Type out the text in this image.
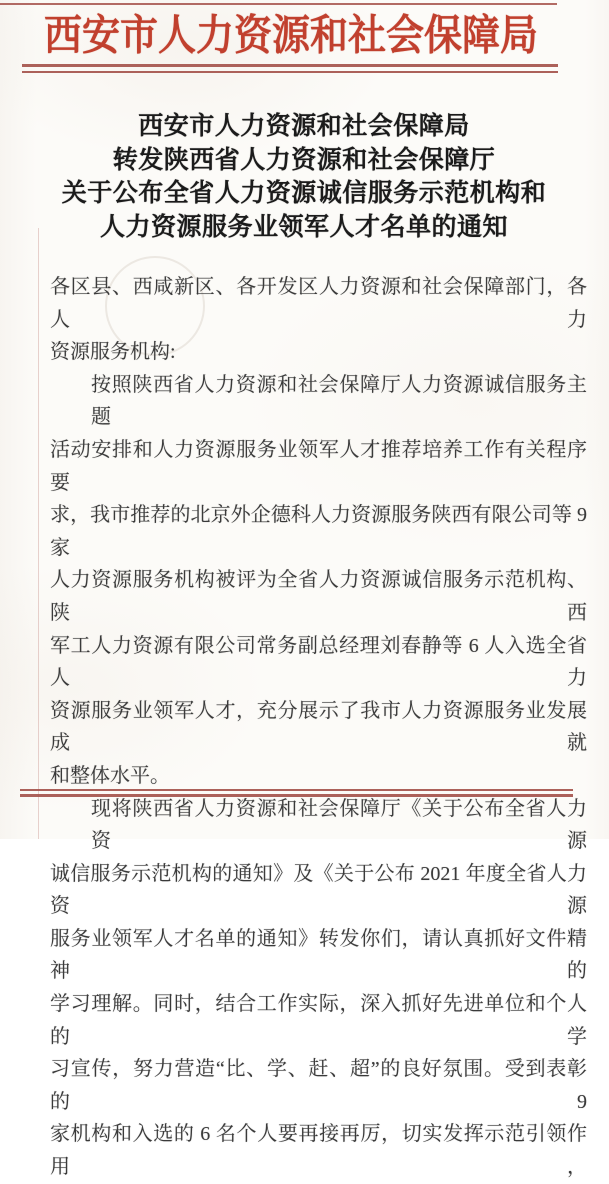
西安市人力资源和社会保障局
西安市人力资源和社会保障局
转发陕西省人力资源和社会保障厅
关于公布全省人力资源诚信服务示范机构和
人力资源服务业领军人才名单的通知
各区县、西咸新区、各开发区人力资源和社会保障部门，各人力
资源服务机构:
按照陕西省人力资源和社会保障厅人力资源诚信服务主题
活动安排和人力资源服务业领军人才推荐培养工作有关程序要
求，我市推荐的北京外企德科人力资源服务陕西有限公司等 9 家
人力资源服务机构被评为全省人力资源诚信服务示范机构、陕西
军工人力资源有限公司常务副总经理刘春静等 6 人入选全省人力
资源服务业领军人才，充分展示了我市人力资源服务业发展成就
和整体水平。
现将陕西省人力资源和社会保障厅《关于公布全省人力资源
诚信服务示范机构的通知》及《关于公布 2021 年度全省人力资源
服务业领军人才名单的通知》转发你们，请认真抓好文件精神的
学习理解。同时，结合工作实际，深入抓好先进单位和个人的学
习宣传，努力营造“比、学、赶、超”的良好氛围。受到表彰的 9
家机构和入选的 6 名个人要再接再厉，切实发挥示范引领作用，
